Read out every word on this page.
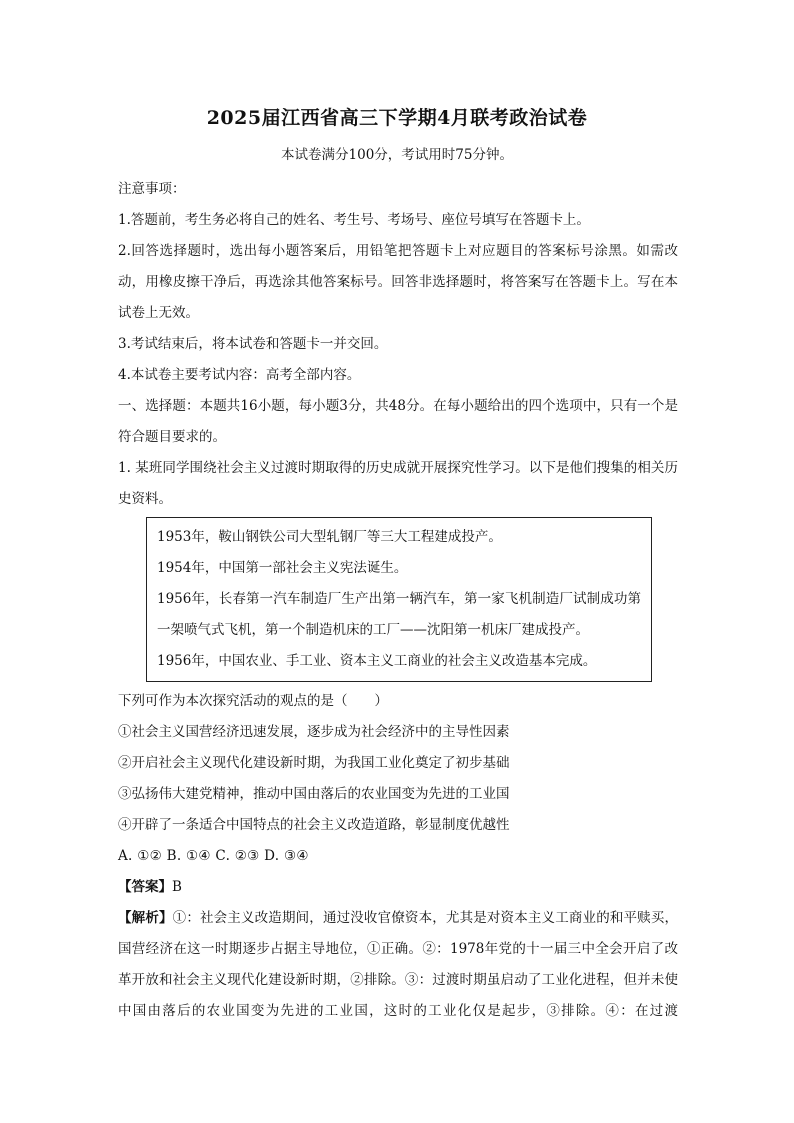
2025届江西省高三下学期4月联考政治试卷
本试卷满分100分，考试用时75分钟。

注意事项：

1.答题前，考生务必将自己的姓名、考生号、考场号、座位号填写在答题卡上。

2.回答选择题时，选出每小题答案后，用铅笔把答题卡上对应题目的答案标号涂黑。如需改动，用橡皮擦干净后，再选涂其他答案标号。回答非选择题时，将答案写在答题卡上。写在本试卷上无效。

3.考试结束后，将本试卷和答题卡一并交回。

4.本试卷主要考试内容：高考全部内容。

一、选择题：本题共16小题，每小题3分，共48分。在每小题给出的四个选项中，只有一个是符合题目要求的。

1. 某班同学围绕社会主义过渡时期取得的历史成就开展探究性学习。以下是他们搜集的相关历史资料。

1953年，鞍山钢铁公司大型轧钢厂等三大工程建成投产。

1954年，中国第一部社会主义宪法诞生。

1956年，长春第一汽车制造厂生产出第一辆汽车，第一家飞机制造厂试制成功第一架喷气式飞机，第一个制造机床的工厂——沈阳第一机床厂建成投产。

1956年，中国农业、手工业、资本主义工商业的社会主义改造基本完成。

下列可作为本次探究活动的观点的是（　　）

①社会主义国营经济迅速发展，逐步成为社会经济中的主导性因素

②开启社会主义现代化建设新时期，为我国工业化奠定了初步基础

③弘扬伟大建党精神，推动中国由落后的农业国变为先进的工业国

④开辟了一条适合中国特点的社会主义改造道路，彰显制度优越性

A. ①② B. ①④ C. ②③ D. ③④

【答案】B

【解析】①：社会主义改造期间，通过没收官僚资本，尤其是对资本主义工商业的和平赎买，国营经济在这一时期逐步占据主导地位，①正确。②：1978年党的十一届三中全会开启了改革开放和社会主义现代化建设新时期，②排除。③：过渡时期虽启动了工业化进程，但并未使中国由落后的农业国变为先进的工业国，这时的工业化仅是起步，③排除。④：在过渡
